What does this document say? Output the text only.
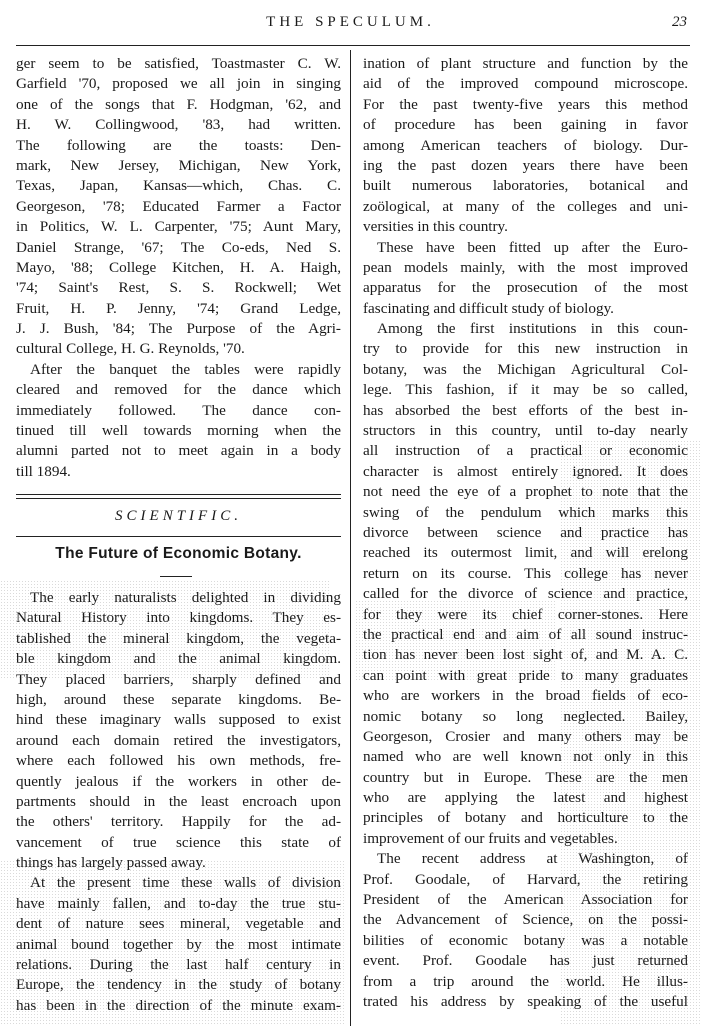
THE SPECULUM.	23
ger seem to be satisfied, Toastmaster C. W.
Garfield '70, proposed we all join in singing
one of the songs that F. Hodgman, '62, and
H. W. Collingwood, '83, had written.
The following are the toasts: Den-
mark, New Jersey, Michigan, New York,
Texas, Japan, Kansas—which, Chas. C.
Georgeson, '78; Educated Farmer a Factor
in Politics, W. L. Carpenter, '75; Aunt Mary,
Daniel Strange, '67; The Co-eds, Ned S.
Mayo, '88; College Kitchen, H. A. Haigh,
'74; Saint's Rest, S. S. Rockwell; Wet
Fruit, H. P. Jenny, '74; Grand Ledge,
J. J. Bush, '84; The Purpose of the Agri-
cultural College, H. G. Reynolds, '70.
After the banquet the tables were rapidly
cleared and removed for the dance which
immediately followed. The dance con-
tinued till well towards morning when the
alumni parted not to meet again in a body
till 1894.
SCIENTIFIC.
The Future of Economic Botany.
The early naturalists delighted in dividing
Natural History into kingdoms. They es-
tablished the mineral kingdom, the vegeta-
ble kingdom and the animal kingdom.
They placed barriers, sharply defined and
high, around these separate kingdoms. Be-
hind these imaginary walls supposed to exist
around each domain retired the investigators,
where each followed his own methods, fre-
quently jealous if the workers in other de-
partments should in the least encroach upon
the others' territory. Happily for the ad-
vancement of true science this state of
things has largely passed away.
At the present time these walls of division
have mainly fallen, and to-day the true stu-
dent of nature sees mineral, vegetable and
animal bound together by the most intimate
relations. During the last half century in
Europe, the tendency in the study of botany
has been in the direction of the minute exam-
ination of plant structure and function by the
aid of the improved compound microscope.
For the past twenty-five years this method
of procedure has been gaining in favor
among American teachers of biology. Dur-
ing the past dozen years there have been
built numerous laboratories, botanical and
zoölogical, at many of the colleges and uni-
versities in this country.
These have been fitted up after the Euro-
pean models mainly, with the most improved
apparatus for the prosecution of the most
fascinating and difficult study of biology.
Among the first institutions in this coun-
try to provide for this new instruction in
botany, was the Michigan Agricultural Col-
lege. This fashion, if it may be so called,
has absorbed the best efforts of the best in-
structors in this country, until to-day nearly
all instruction of a practical or economic
character is almost entirely ignored. It does
not need the eye of a prophet to note that the
swing of the pendulum which marks this
divorce between science and practice has
reached its outermost limit, and will erelong
return on its course. This college has never
called for the divorce of science and practice,
for they were its chief corner-stones. Here
the practical end and aim of all sound instruc-
tion has never been lost sight of, and M. A. C.
can point with great pride to many graduates
who are workers in the broad fields of eco-
nomic botany so long neglected. Bailey,
Georgeson, Crosier and many others may be
named who are well known not only in this
country but in Europe. These are the men
who are applying the latest and highest
principles of botany and horticulture to the
improvement of our fruits and vegetables.
The recent address at Washington, of
Prof. Goodale, of Harvard, the retiring
President of the American Association for
the Advancement of Science, on the possi-
bilities of economic botany was a notable
event. Prof. Goodale has just returned
from a trip around the world. He illus-
trated his address by speaking of the useful
